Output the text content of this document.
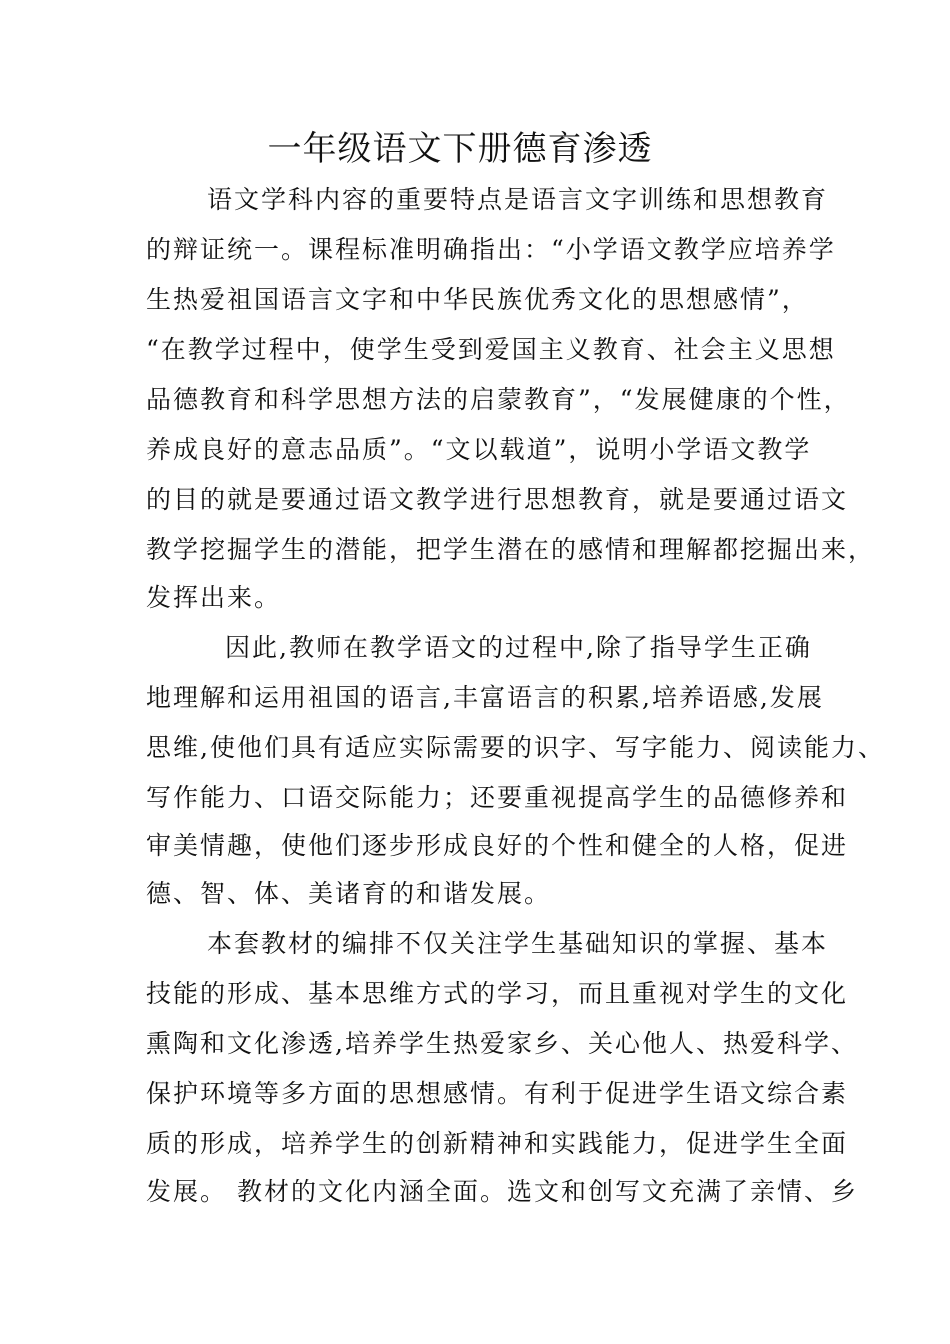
一年级语文下册德育渗透
语文学科内容的重要特点是语言文字训练和思想教育
的辩证统一。课程标准明确指出：“小学语文教学应培养学
生热爱祖国语言文字和中华民族优秀文化的思想感情”，
“在教学过程中，使学生受到爱国主义教育、社会主义思想
品德教育和科学思想方法的启蒙教育”，“发展健康的个性，
养成良好的意志品质”。“文以载道”，说明小学语文教学
的目的就是要通过语文教学进行思想教育，就是要通过语文
教学挖掘学生的潜能，把学生潜在的感情和理解都挖掘出来，
发挥出来。
因此,教师在教学语文的过程中,除了指导学生正确
地理解和运用祖国的语言,丰富语言的积累,培养语感,发展
思维,使他们具有适应实际需要的识字、写字能力、阅读能力、
写作能力、口语交际能力；还要重视提高学生的品德修养和
审美情趣，使他们逐步形成良好的个性和健全的人格，促进
德、智、体、美诸育的和谐发展。
本套教材的编排不仅关注学生基础知识的掌握、基本
技能的形成、基本思维方式的学习，而且重视对学生的文化
熏陶和文化渗透,培养学生热爱家乡、关心他人、热爱科学、
保护环境等多方面的思想感情。有利于促进学生语文综合素
质的形成，培养学生的创新精神和实践能力，促进学生全面
发展。 教材的文化内涵全面。选文和创写文充满了亲情、乡
